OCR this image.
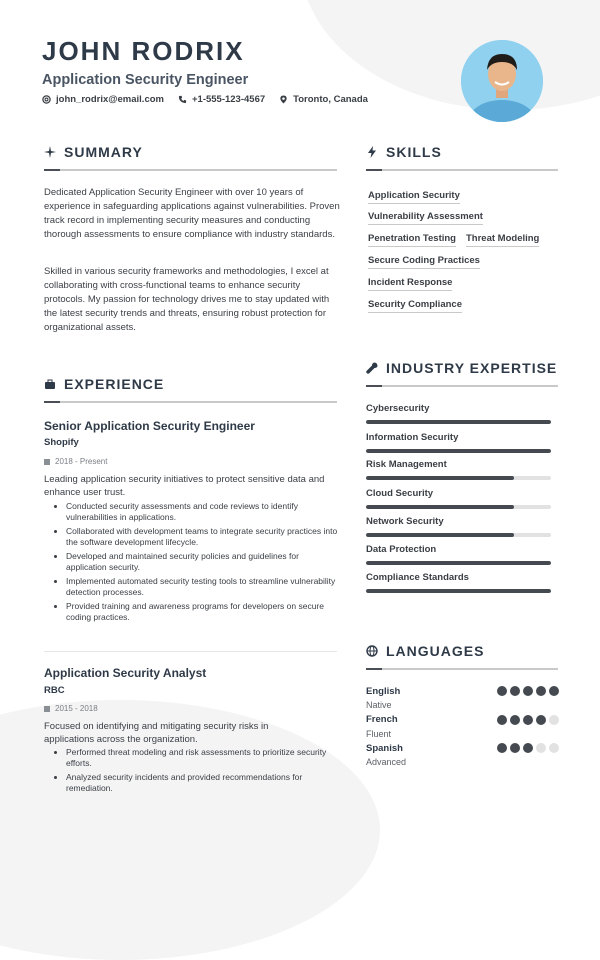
JOHN RODRIX
Application Security Engineer
john_rodrix@email.com	+1-555-123-4567	Toronto, Canada
SUMMARY
Dedicated Application Security Engineer with over 10 years of experience in safeguarding applications against vulnerabilities. Proven track record in implementing security measures and conducting thorough assessments to ensure compliance with industry standards.
Skilled in various security frameworks and methodologies, I excel at collaborating with cross-functional teams to enhance security protocols. My passion for technology drives me to stay updated with the latest security trends and threats, ensuring robust protection for organizational assets.
EXPERIENCE
Senior Application Security Engineer
Shopify
2018 - Present
Leading application security initiatives to protect sensitive data and enhance user trust.
• Conducted security assessments and code reviews to identify vulnerabilities in applications.
• Collaborated with development teams to integrate security practices into the software development lifecycle.
• Developed and maintained security policies and guidelines for application security.
• Implemented automated security testing tools to streamline vulnerability detection processes.
• Provided training and awareness programs for developers on secure coding practices.
Application Security Analyst
RBC
2015 - 2018
Focused on identifying and mitigating security risks in applications across the organization.
• Performed threat modeling and risk assessments to prioritize security efforts.
• Analyzed security incidents and provided recommendations for remediation.
SKILLS
Application Security
Vulnerability Assessment
Penetration Testing Threat Modeling
Secure Coding Practices
Incident Response
Security Compliance
INDUSTRY EXPERTISE
Cybersecurity
Information Security
Risk Management
Cloud Security
Network Security
Data Protection
Compliance Standards
LANGUAGES
English
Native
French
Fluent
Spanish
Advanced
